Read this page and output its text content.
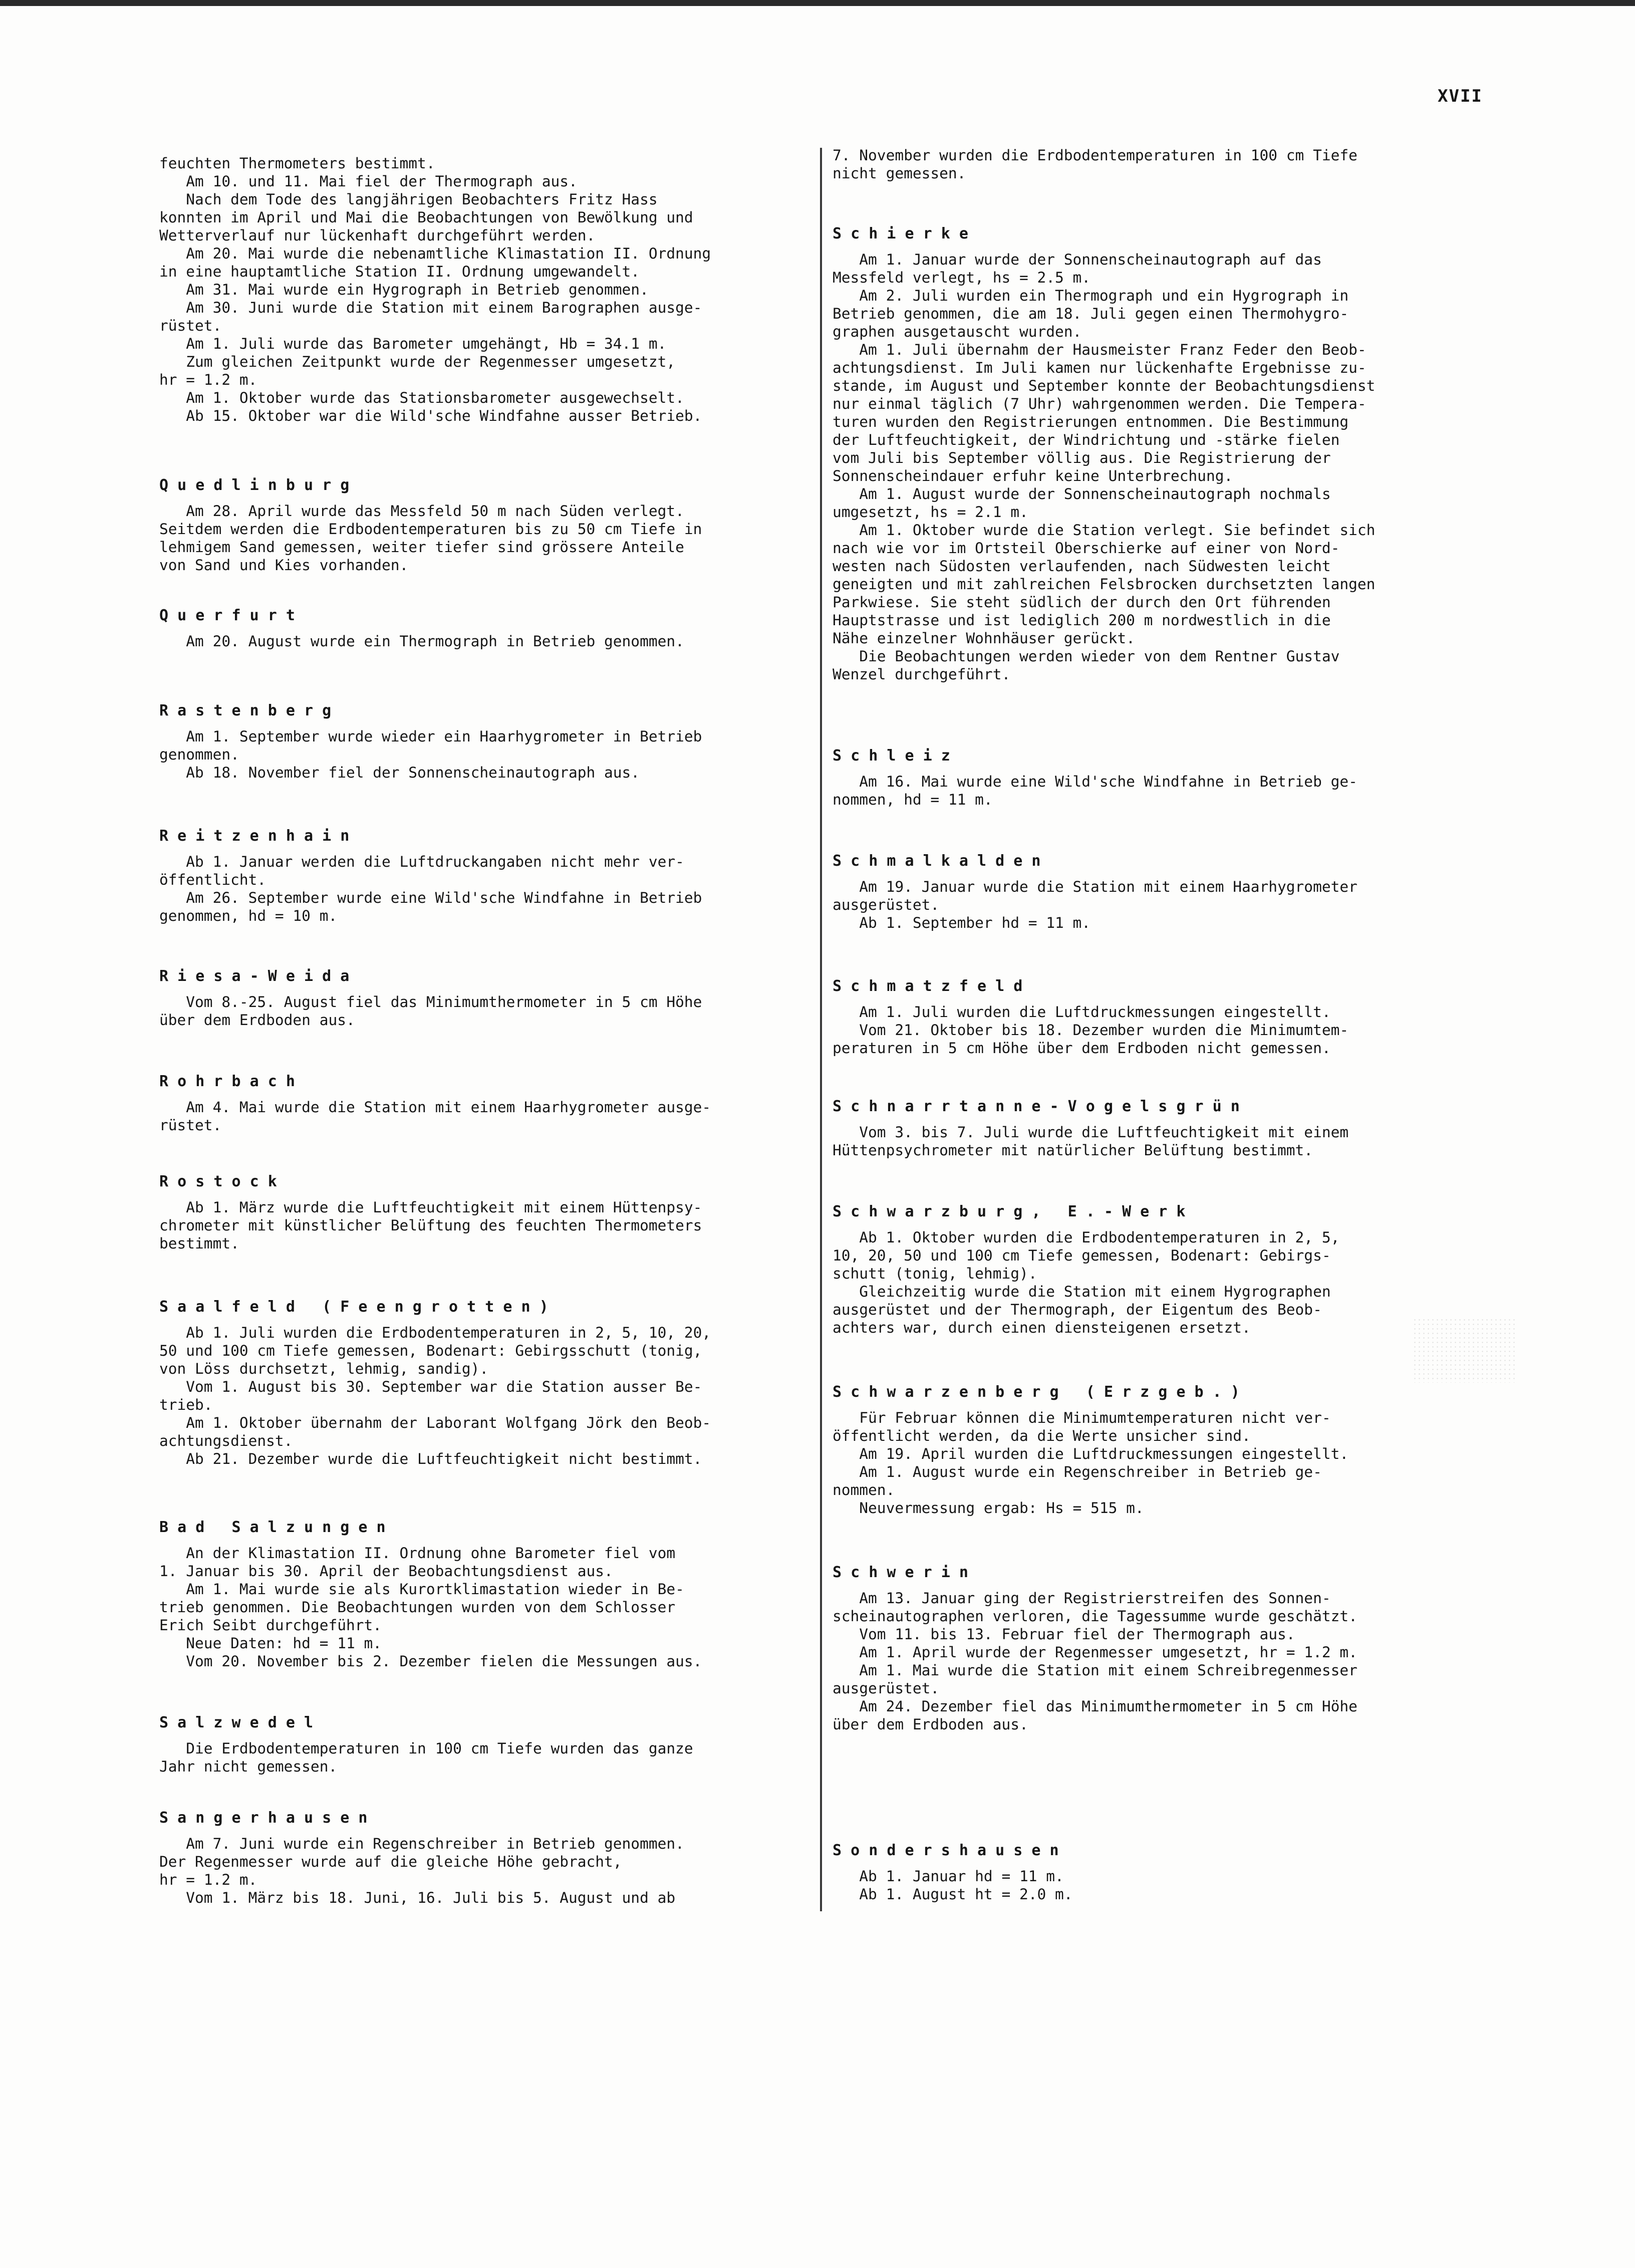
XVII
feuchten Thermometers bestimmt.
Am 10. und 11. Mai fiel der Thermograph aus.
Nach dem Tode des langjährigen Beobachters Fritz Hass
konnten im April und Mai die Beobachtungen von Bewölkung und
Wetterverlauf nur lückenhaft durchgeführt werden.
Am 20. Mai wurde die nebenamtliche Klimastation II. Ordnung
in eine hauptamtliche Station II. Ordnung umgewandelt.
Am 31. Mai wurde ein Hygrograph in Betrieb genommen.
Am 30. Juni wurde die Station mit einem Barographen ausge-
rüstet.
Am 1. Juli wurde das Barometer umgehängt, Hb = 34.1 m.
Zum gleichen Zeitpunkt wurde der Regenmesser umgesetzt,
hr = 1.2 m.
Am 1. Oktober wurde das Stationsbarometer ausgewechselt.
Ab 15. Oktober war die Wild'sche Windfahne ausser Betrieb.
Q u e d l i n b u r g
Am 28. April wurde das Messfeld 50 m nach Süden verlegt.
Seitdem werden die Erdbodentemperaturen bis zu 50 cm Tiefe in
lehmigem Sand gemessen, weiter tiefer sind grössere Anteile
von Sand und Kies vorhanden.
Q u e r f u r t
Am 20. August wurde ein Thermograph in Betrieb genommen.
R a s t e n b e r g
Am 1. September wurde wieder ein Haarhygrometer in Betrieb
genommen.
Ab 18. November fiel der Sonnenscheinautograph aus.
R e i t z e n h a i n
Ab 1. Januar werden die Luftdruckangaben nicht mehr ver-
öffentlicht.
Am 26. September wurde eine Wild'sche Windfahne in Betrieb
genommen, hd = 10 m.
R i e s a - W e i d a
Vom 8.-25. August fiel das Minimumthermometer in 5 cm Höhe
über dem Erdboden aus.
R o h r b a c h
Am 4. Mai wurde die Station mit einem Haarhygrometer ausge-
rüstet.
R o s t o c k
Ab 1. März wurde die Luftfeuchtigkeit mit einem Hüttenpsy-
chrometer mit künstlicher Belüftung des feuchten Thermometers
bestimmt.
S a a l f e l d   ( F e e n g r o t t e n )
Ab 1. Juli wurden die Erdbodentemperaturen in 2, 5, 10, 20,
50 und 100 cm Tiefe gemessen, Bodenart: Gebirgsschutt (tonig,
von Löss durchsetzt, lehmig, sandig).
Vom 1. August bis 30. September war die Station ausser Be-
trieb.
Am 1. Oktober übernahm der Laborant Wolfgang Jörk den Beob-
achtungsdienst.
Ab 21. Dezember wurde die Luftfeuchtigkeit nicht bestimmt.
B a d   S a l z u n g e n
An der Klimastation II. Ordnung ohne Barometer fiel vom
1. Januar bis 30. April der Beobachtungsdienst aus.
Am 1. Mai wurde sie als Kurortklimastation wieder in Be-
trieb genommen. Die Beobachtungen wurden von dem Schlosser
Erich Seibt durchgeführt.
Neue Daten: hd = 11 m.
Vom 20. November bis 2. Dezember fielen die Messungen aus.
S a l z w e d e l
Die Erdbodentemperaturen in 100 cm Tiefe wurden das ganze
Jahr nicht gemessen.
S a n g e r h a u s e n
Am 7. Juni wurde ein Regenschreiber in Betrieb genommen.
Der Regenmesser wurde auf die gleiche Höhe gebracht,
hr = 1.2 m.
Vom 1. März bis 18. Juni, 16. Juli bis 5. August und ab
7. November wurden die Erdbodentemperaturen in 100 cm Tiefe
nicht gemessen.
S c h i e r k e
Am 1. Januar wurde der Sonnenscheinautograph auf das
Messfeld verlegt, hs = 2.5 m.
Am 2. Juli wurden ein Thermograph und ein Hygrograph in
Betrieb genommen, die am 18. Juli gegen einen Thermohygro-
graphen ausgetauscht wurden.
Am 1. Juli übernahm der Hausmeister Franz Feder den Beob-
achtungsdienst. Im Juli kamen nur lückenhafte Ergebnisse zu-
stande, im August und September konnte der Beobachtungsdienst
nur einmal täglich (7 Uhr) wahrgenommen werden. Die Tempera-
turen wurden den Registrierungen entnommen. Die Bestimmung
der Luftfeuchtigkeit, der Windrichtung und -stärke fielen
vom Juli bis September völlig aus. Die Registrierung der
Sonnenscheindauer erfuhr keine Unterbrechung.
Am 1. August wurde der Sonnenscheinautograph nochmals
umgesetzt, hs = 2.1 m.
Am 1. Oktober wurde die Station verlegt. Sie befindet sich
nach wie vor im Ortsteil Oberschierke auf einer von Nord-
westen nach Südosten verlaufenden, nach Südwesten leicht
geneigten und mit zahlreichen Felsbrocken durchsetzten langen
Parkwiese. Sie steht südlich der durch den Ort führenden
Hauptstrasse und ist lediglich 200 m nordwestlich in die
Nähe einzelner Wohnhäuser gerückt.
Die Beobachtungen werden wieder von dem Rentner Gustav
Wenzel durchgeführt.
S c h l e i z
Am 16. Mai wurde eine Wild'sche Windfahne in Betrieb ge-
nommen, hd = 11 m.
S c h m a l k a l d e n
Am 19. Januar wurde die Station mit einem Haarhygrometer
ausgerüstet.
Ab 1. September hd = 11 m.
S c h m a t z f e l d
Am 1. Juli wurden die Luftdruckmessungen eingestellt.
Vom 21. Oktober bis 18. Dezember wurden die Minimumtem-
peraturen in 5 cm Höhe über dem Erdboden nicht gemessen.
S c h n a r r t a n n e - V o g e l s g r ü n
Vom 3. bis 7. Juli wurde die Luftfeuchtigkeit mit einem
Hüttenpsychrometer mit natürlicher Belüftung bestimmt.
S c h w a r z b u r g ,   E . - W e r k
Ab 1. Oktober wurden die Erdbodentemperaturen in 2, 5,
10, 20, 50 und 100 cm Tiefe gemessen, Bodenart: Gebirgs-
schutt (tonig, lehmig).
Gleichzeitig wurde die Station mit einem Hygrographen
ausgerüstet und der Thermograph, der Eigentum des Beob-
achters war, durch einen diensteigenen ersetzt.
S c h w a r z e n b e r g   ( E r z g e b . )
Für Februar können die Minimumtemperaturen nicht ver-
öffentlicht werden, da die Werte unsicher sind.
Am 19. April wurden die Luftdruckmessungen eingestellt.
Am 1. August wurde ein Regenschreiber in Betrieb ge-
nommen.
Neuvermessung ergab: Hs = 515 m.
S c h w e r i n
Am 13. Januar ging der Registrierstreifen des Sonnen-
scheinautographen verloren, die Tagessumme wurde geschätzt.
Vom 11. bis 13. Februar fiel der Thermograph aus.
Am 1. April wurde der Regenmesser umgesetzt, hr = 1.2 m.
Am 1. Mai wurde die Station mit einem Schreibregenmesser
ausgerüstet.
Am 24. Dezember fiel das Minimumthermometer in 5 cm Höhe
über dem Erdboden aus.
S o n d e r s h a u s e n
Ab 1. Januar hd = 11 m.
Ab 1. August ht = 2.0 m.
